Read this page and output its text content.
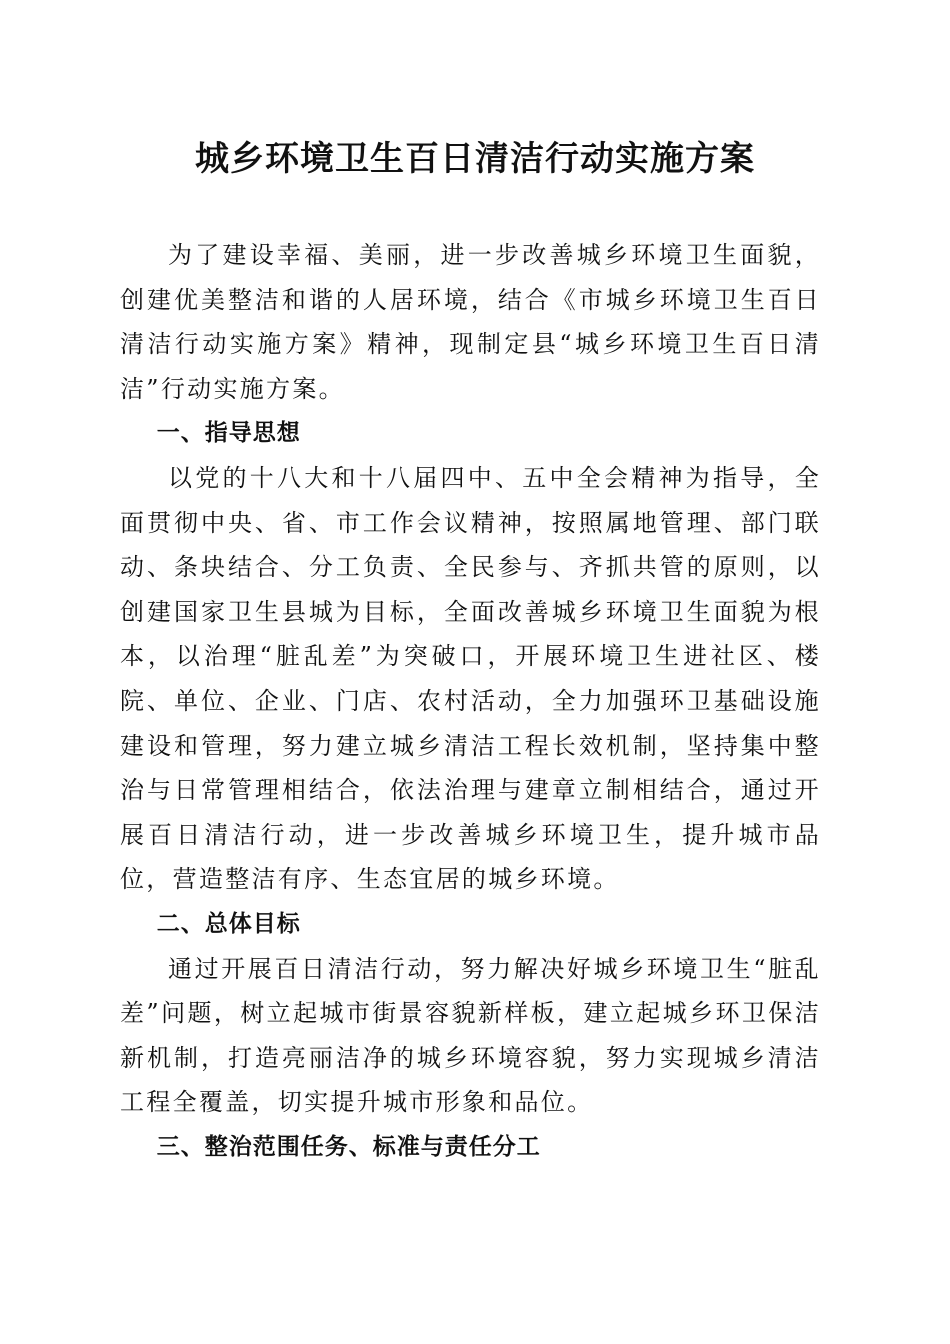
城乡环境卫生百日清洁行动实施方案

为了建设幸福、美丽，进一步改善城乡环境卫生面貌，创建优美整洁和谐的人居环境，结合《市城乡环境卫生百日清洁行动实施方案》精神，现制定县“城乡环境卫生百日清洁”行动实施方案。

一、指导思想

以党的十八大和十八届四中、五中全会精神为指导，全面贯彻中央、省、市工作会议精神，按照属地管理、部门联动、条块结合、分工负责、全民参与、齐抓共管的原则，以创建国家卫生县城为目标，全面改善城乡环境卫生面貌为根本，以治理“脏乱差”为突破口，开展环境卫生进社区、楼院、单位、企业、门店、农村活动，全力加强环卫基础设施建设和管理，努力建立城乡清洁工程长效机制，坚持集中整治与日常管理相结合，依法治理与建章立制相结合，通过开展百日清洁行动，进一步改善城乡环境卫生，提升城市品位，营造整洁有序、生态宜居的城乡环境。

二、总体目标

通过开展百日清洁行动，努力解决好城乡环境卫生“脏乱差”问题，树立起城市街景容貌新样板，建立起城乡环卫保洁新机制，打造亮丽洁净的城乡环境容貌，努力实现城乡清洁工程全覆盖，切实提升城市形象和品位。

三、整治范围任务、标准与责任分工
